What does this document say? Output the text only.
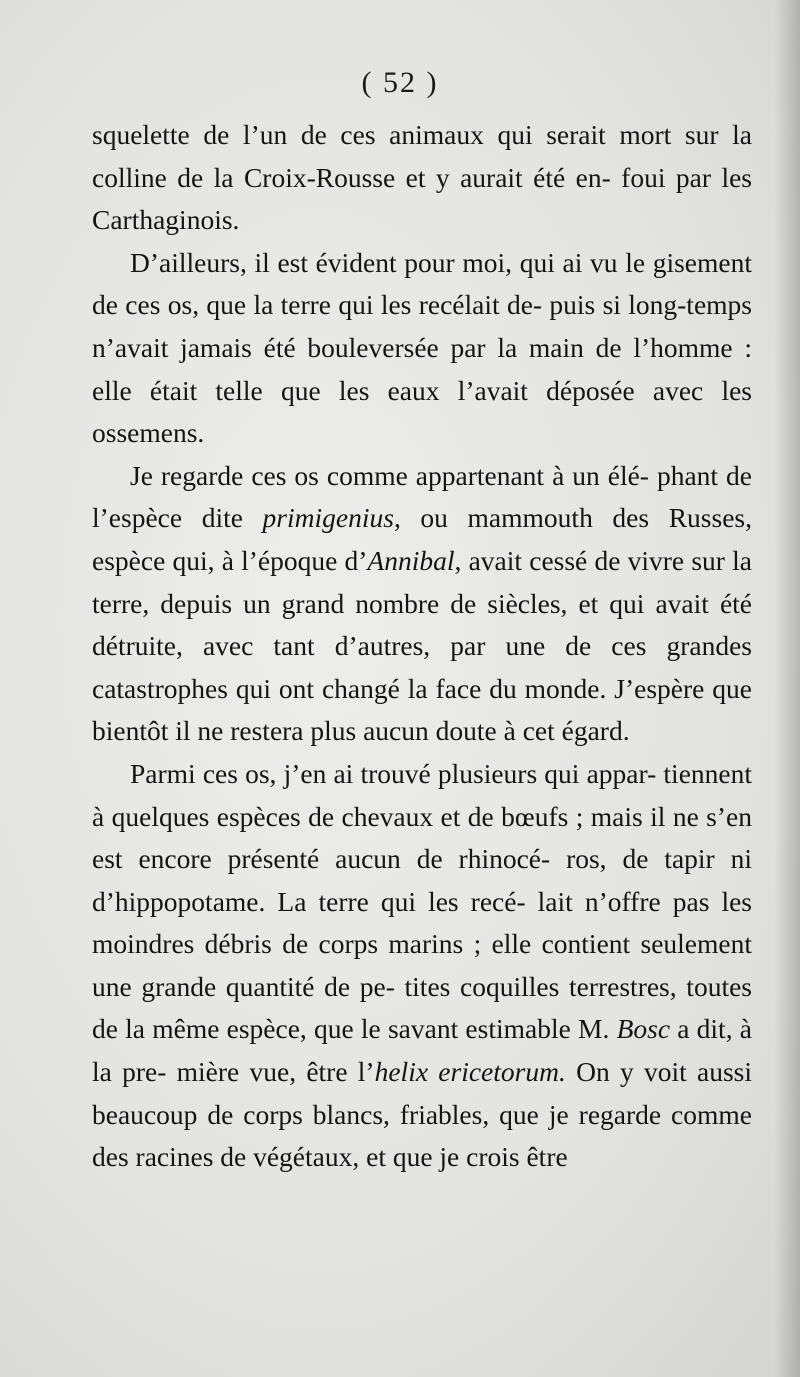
( 52 )

squelette de l’un de ces animaux qui serait mort sur la colline de la Croix-Rousse et y aurait été en- foui par les Carthaginois.

D’ailleurs, il est évident pour moi, qui ai vu le gisement de ces os, que la terre qui les recélait de- puis si long-temps n’avait jamais été bouleversée par la main de l’homme : elle était telle que les eaux l’avait déposée avec les ossemens.

Je regarde ces os comme appartenant à un élé- phant de l’espèce dite primigenius, ou mammouth des Russes, espèce qui, à l’époque d’Annibal, avait cessé de vivre sur la terre, depuis un grand nombre de siècles, et qui avait été détruite, avec tant d’autres, par une de ces grandes catastrophes qui ont changé la face du monde. J’espère que bientôt il ne restera plus aucun doute à cet égard.

Parmi ces os, j’en ai trouvé plusieurs qui appar- tiennent à quelques espèces de chevaux et de bœufs ; mais il ne s’en est encore présenté aucun de rhinocé- ros, de tapir ni d’hippopotame. La terre qui les recé- lait n’offre pas les moindres débris de corps marins ; elle contient seulement une grande quantité de pe- tites coquilles terrestres, toutes de la même espèce, que le savant estimable M. Bosc a dit, à la pre- mière vue, être l’helix ericetorum. On y voit aussi beaucoup de corps blancs, friables, que je regarde comme des racines de végétaux, et que je crois être
